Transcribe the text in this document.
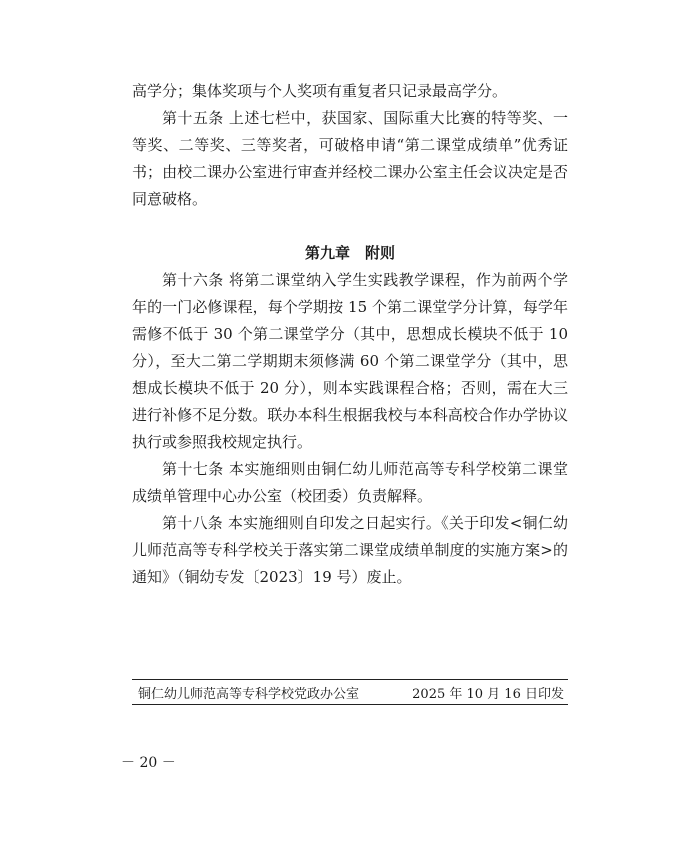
高学分；集体奖项与个人奖项有重复者只记录最高学分。

第十五条 上述七栏中，获国家、国际重大比赛的特等奖、一等奖、二等奖、三等奖者，可破格申请“第二课堂成绩单”优秀证书；由校二课办公室进行审查并经校二课办公室主任会议决定是否同意破格。

第九章　附则

第十六条 将第二课堂纳入学生实践教学课程，作为前两个学年的一门必修课程，每个学期按 15 个第二课堂学分计算，每学年需修不低于 30 个第二课堂学分（其中，思想成长模块不低于 10 分），至大二第二学期期末须修满 60 个第二课堂学分（其中，思想成长模块不低于 20 分），则本实践课程合格；否则，需在大三进行补修不足分数。联办本科生根据我校与本科高校合作办学协议执行或参照我校规定执行。

第十七条 本实施细则由铜仁幼儿师范高等专科学校第二课堂成绩单管理中心办公室（校团委）负责解释。

第十八条 本实施细则自印发之日起实行。《关于印发<铜仁幼儿师范高等专科学校关于落实第二课堂成绩单制度的实施方案>的通知》（铜幼专发〔2023〕19 号）废止。

铜仁幼儿师范高等专科学校党政办公室	2025 年 10 月 16 日印发
－ 20 －
